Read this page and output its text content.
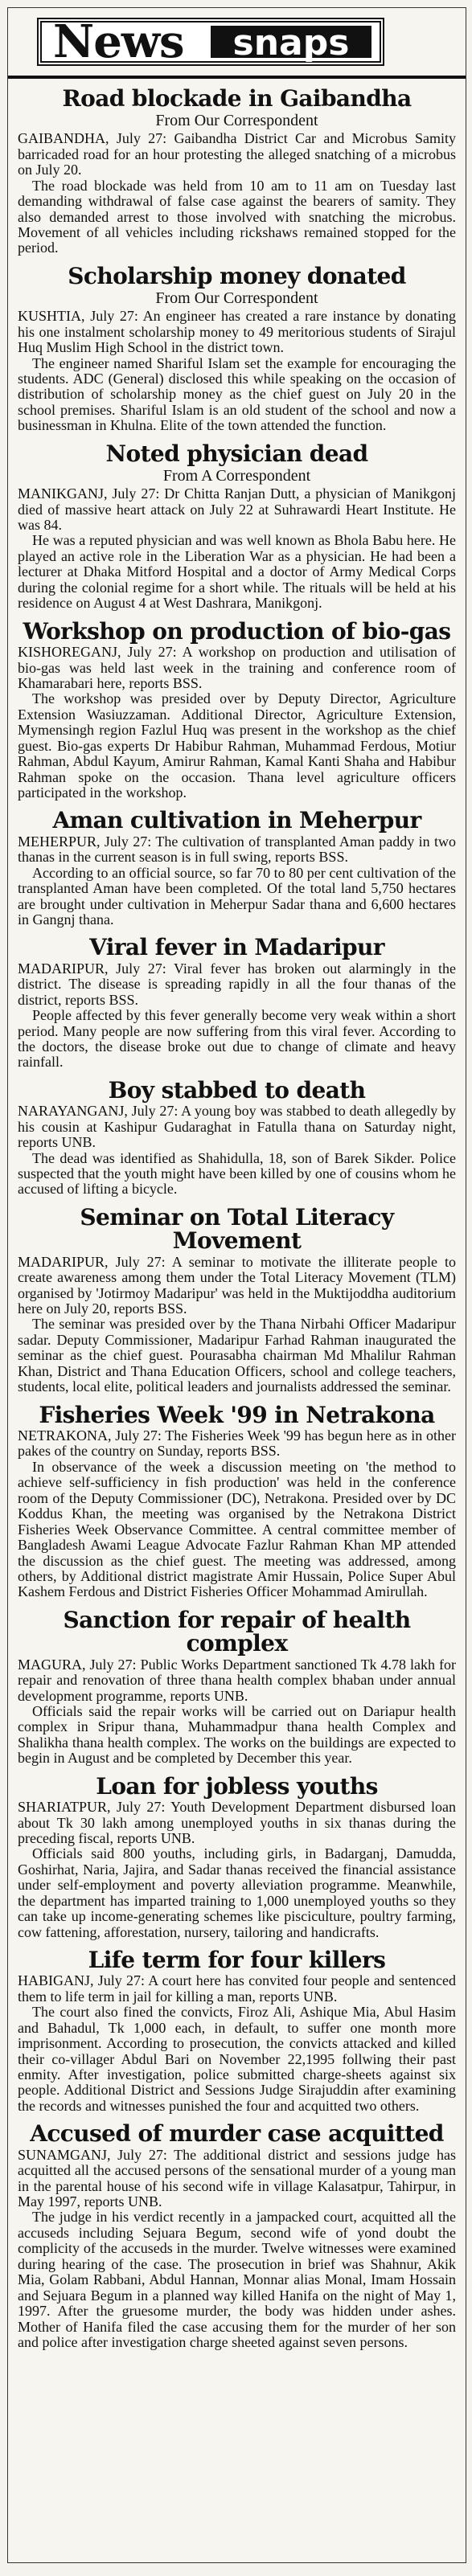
News	snaps
Road blockade in Gaibandha
From Our Correspondent

GAIBANDHA, July 27: Gaibandha District Car and Microbus Samity barricaded road for an hour protesting the alleged snatching of a microbus on July 20.

The road blockade was held from 10 am to 11 am on Tuesday last demanding withdrawal of false case against the bearers of samity. They also demanded arrest to those involved with snatching the microbus. Movement of all vehicles including rickshaws remained stopped for the period.

Scholarship money donated
From Our Correspondent

KUSHTIA, July 27: An engineer has created a rare instance by donating his one instalment scholarship money to 49 meritorious students of Sirajul Huq Muslim High School in the district town.

The engineer named Shariful Islam set the example for encouraging the students. ADC (General) disclosed this while speaking on the occasion of distribution of scholarship money as the chief guest on July 20 in the school premises. Shariful Islam is an old student of the school and now a businessman in Khulna. Elite of the town attended the function.

Noted physician dead
From A Correspondent

MANIKGANJ, July 27: Dr Chitta Ranjan Dutt, a physician of Manikgonj died of massive heart attack on July 22 at Suhrawardi Heart Institute. He was 84.

He was a reputed physician and was well known as Bhola Babu here. He played an active role in the Liberation War as a physician. He had been a lecturer at Dhaka Mitford Hospital and a doctor of Army Medical Corps during the colonial regime for a short while. The rituals will be held at his residence on August 4 at West Dashrara, Manikgonj.

Workshop on production of bio-gas

KISHOREGANJ, July 27: A workshop on production and utilisation of bio-gas was held last week in the training and conference room of Khamarabari here, reports BSS.

The workshop was presided over by Deputy Director, Agriculture Extension Wasiuzzaman. Additional Director, Agriculture Extension, Mymensingh region Fazlul Huq was present in the workshop as the chief guest. Bio-gas experts Dr Habibur Rahman, Muhammad Ferdous, Motiur Rahman, Abdul Kayum, Amirur Rahman, Kamal Kanti Shaha and Habibur Rahman spoke on the occasion. Thana level agriculture officers participated in the workshop.

Aman cultivation in Meherpur

MEHERPUR, July 27: The cultivation of transplanted Aman paddy in two thanas in the current season is in full swing, reports BSS.

According to an official source, so far 70 to 80 per cent cultivation of the transplanted Aman have been completed. Of the total land 5,750 hectares are brought under cultivation in Meherpur Sadar thana and 6,600 hectares in Gangnj thana.

Viral fever in Madaripur

MADARIPUR, July 27: Viral fever has broken out alarmingly in the district. The disease is spreading rapidly in all the four thanas of the district, reports BSS.

People affected by this fever generally become very weak within a short period. Many people are now suffering from this viral fever. According to the doctors, the disease broke out due to change of climate and heavy rainfall.

Boy stabbed to death

NARAYANGANJ, July 27: A young boy was stabbed to death allegedly by his cousin at Kashipur Gudaraghat in Fatulla thana on Saturday night, reports UNB.

The dead was identified as Shahidulla, 18, son of Barek Sikder. Police suspected that the youth might have been killed by one of cousins whom he accused of lifting a bicycle.

Seminar on Total Literacy Movement

MADARIPUR, July 27: A seminar to motivate the illiterate people to create awareness among them under the Total Literacy Movement (TLM) organised by 'Jotirmoy Madaripur' was held in the Muktijoddha auditorium here on July 20, reports BSS.

The seminar was presided over by the Thana Nirbahi Officer Madaripur sadar. Deputy Commissioner, Madaripur Farhad Rahman inaugurated the seminar as the chief guest. Pourasabha chairman Md Mhalilur Rahman Khan, District and Thana Education Officers, school and college teachers, students, local elite, political leaders and journalists addressed the seminar.

Fisheries Week '99 in Netrakona

NETRAKONA, July 27: The Fisheries Week '99 has begun here as in other pakes of the country on Sunday, reports BSS.

In observance of the week a discussion meeting on 'the method to achieve self-sufficiency in fish production' was held in the conference room of the Deputy Commissioner (DC), Netrakona. Presided over by DC Koddus Khan, the meeting was organised by the Netrakona District Fisheries Week Observance Committee. A central committee member of Bangladesh Awami League Advocate Fazlur Rahman Khan MP attended the discussion as the chief guest. The meeting was addressed, among others, by Additional district magistrate Amir Hussain, Police Super Abul Kashem Ferdous and District Fisheries Officer Mohammad Amirullah.

Sanction for repair of health complex

MAGURA, July 27: Public Works Department sanctioned Tk 4.78 lakh for repair and renovation of three thana health complex bhaban under annual development programme, reports UNB.

Officials said the repair works will be carried out on Dariapur health complex in Sripur thana, Muhammadpur thana health Complex and Shalikha thana health complex. The works on the buildings are expected to begin in August and be completed by December this year.

Loan for jobless youths

SHARIATPUR, July 27: Youth Development Department disbursed loan about Tk 30 lakh among unemployed youths in six thanas during the preceding fiscal, reports UNB.

Officials said 800 youths, including girls, in Badarganj, Damudda, Goshirhat, Naria, Jajira, and Sadar thanas received the financial assistance under self-employment and poverty alleviation programme. Meanwhile, the department has imparted training to 1,000 unemployed youths so they can take up income-generating schemes like pisciculture, poultry farming, cow fattening, afforestation, nursery, tailoring and handicrafts.

Life term for four killers

HABIGANJ, July 27: A court here has convited four people and sentenced them to life term in jail for killing a man, reports UNB.

The court also fined the convicts, Firoz Ali, Ashique Mia, Abul Hasim and Bahadul, Tk 1,000 each, in default, to suffer one month more imprisonment. According to prosecution, the convicts attacked and killed their co-villager Abdul Bari on November 22,1995 follwing their past enmity. After investigation, police submitted charge-sheets against six people. Additional District and Sessions Judge Sirajuddin after examining the records and witnesses punished the four and acquitted two others.

Accused of murder case acquitted

SUNAMGANJ, July 27: The additional district and sessions judge has acquitted all the accused persons of the sensational murder of a young man in the parental house of his second wife in village Kalasatpur, Tahirpur, in May 1997, reports UNB.

The judge in his verdict recently in a jampacked court, acquitted all the accuseds including Sejuara Begum, second wife of yond doubt the complicity of the accuseds in the murder. Twelve witnesses were examined during hearing of the case. The prosecution in brief was Shahnur, Akik Mia, Golam Rabbani, Abdul Hannan, Monnar alias Monal, Imam Hossain and Sejuara Begum in a planned way killed Hanifa on the night of May 1, 1997. After the gruesome murder, the body was hidden under ashes. Mother of Hanifa filed the case accusing them for the murder of her son and police after investigation charge sheeted against seven persons.
